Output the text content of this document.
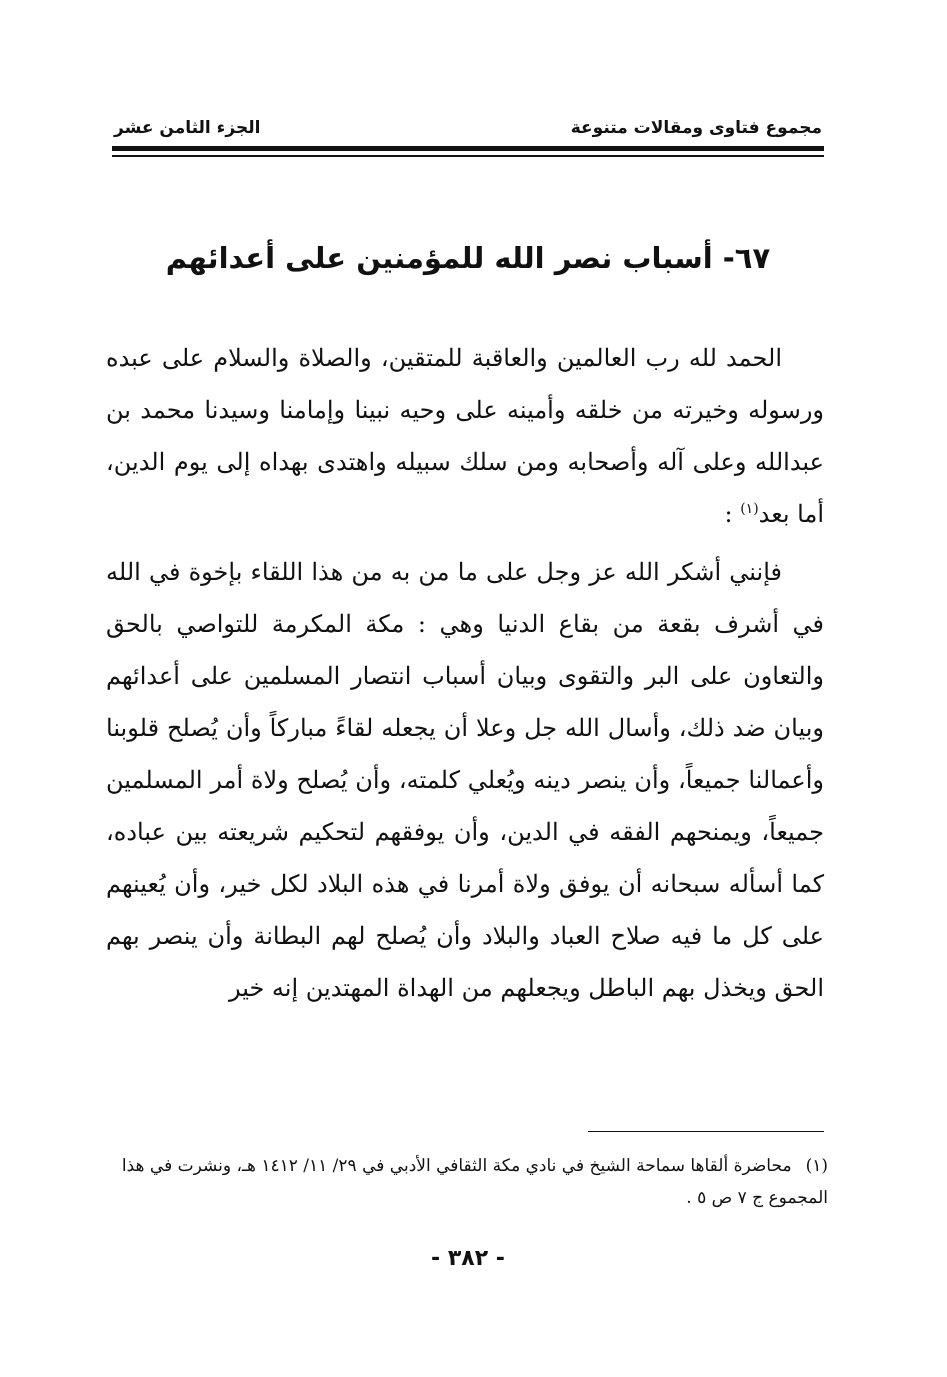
مجموع فتاوى ومقالات متنوعة
الجزء الثامن عشر
٦٧- أسباب نصر الله للمؤمنين على أعدائهم

الحمد لله رب العالمين والعاقبة للمتقين، والصلاة والسلام على عبده ورسوله وخيرته من خلقه وأمينه على وحيه نبينا وإمامنا وسيدنا محمد بن عبدالله وعلى آله وأصحابه ومن سلك سبيله واهتدى بهداه إلى يوم الدين، أما بعد$^{(١)}$ :

فإنني أشكر الله عز وجل على ما من به من هذا اللقاء بإخوة في الله في أشرف بقعة من بقاع الدنيا وهي : مكة المكرمة للتواصي بالحق والتعاون على البر والتقوى وبيان أسباب انتصار المسلمين على أعدائهم وبيان ضد ذلك، وأسال الله جل وعلا أن يجعله لقاءً مباركاً وأن يُصلح قلوبنا وأعمالنا جميعاً، وأن ينصر دينه ويُعلي كلمته، وأن يُصلح ولاة أمر المسلمين جميعاً، ويمنحهم الفقه في الدين، وأن يوفقهم لتحكيم شريعته بين عباده، كما أسأله سبحانه أن يوفق ولاة أمرنا في هذه البلاد لكل خير، وأن يُعينهم على كل ما فيه صلاح العباد والبلاد وأن يُصلح لهم البطانة وأن ينصر بهم الحق ويخذل بهم الباطل ويجعلهم من الهداة المهتدين إنه خير

(١)محاضرة ألقاها سماحة الشيخ في نادي مكة الثقافي الأدبي في ٢٩/ ١١/ ١٤١٢ هـ، ونشرت في هذا المجموع ج ٧ ص ٥ .
- ٣٨٢ -
